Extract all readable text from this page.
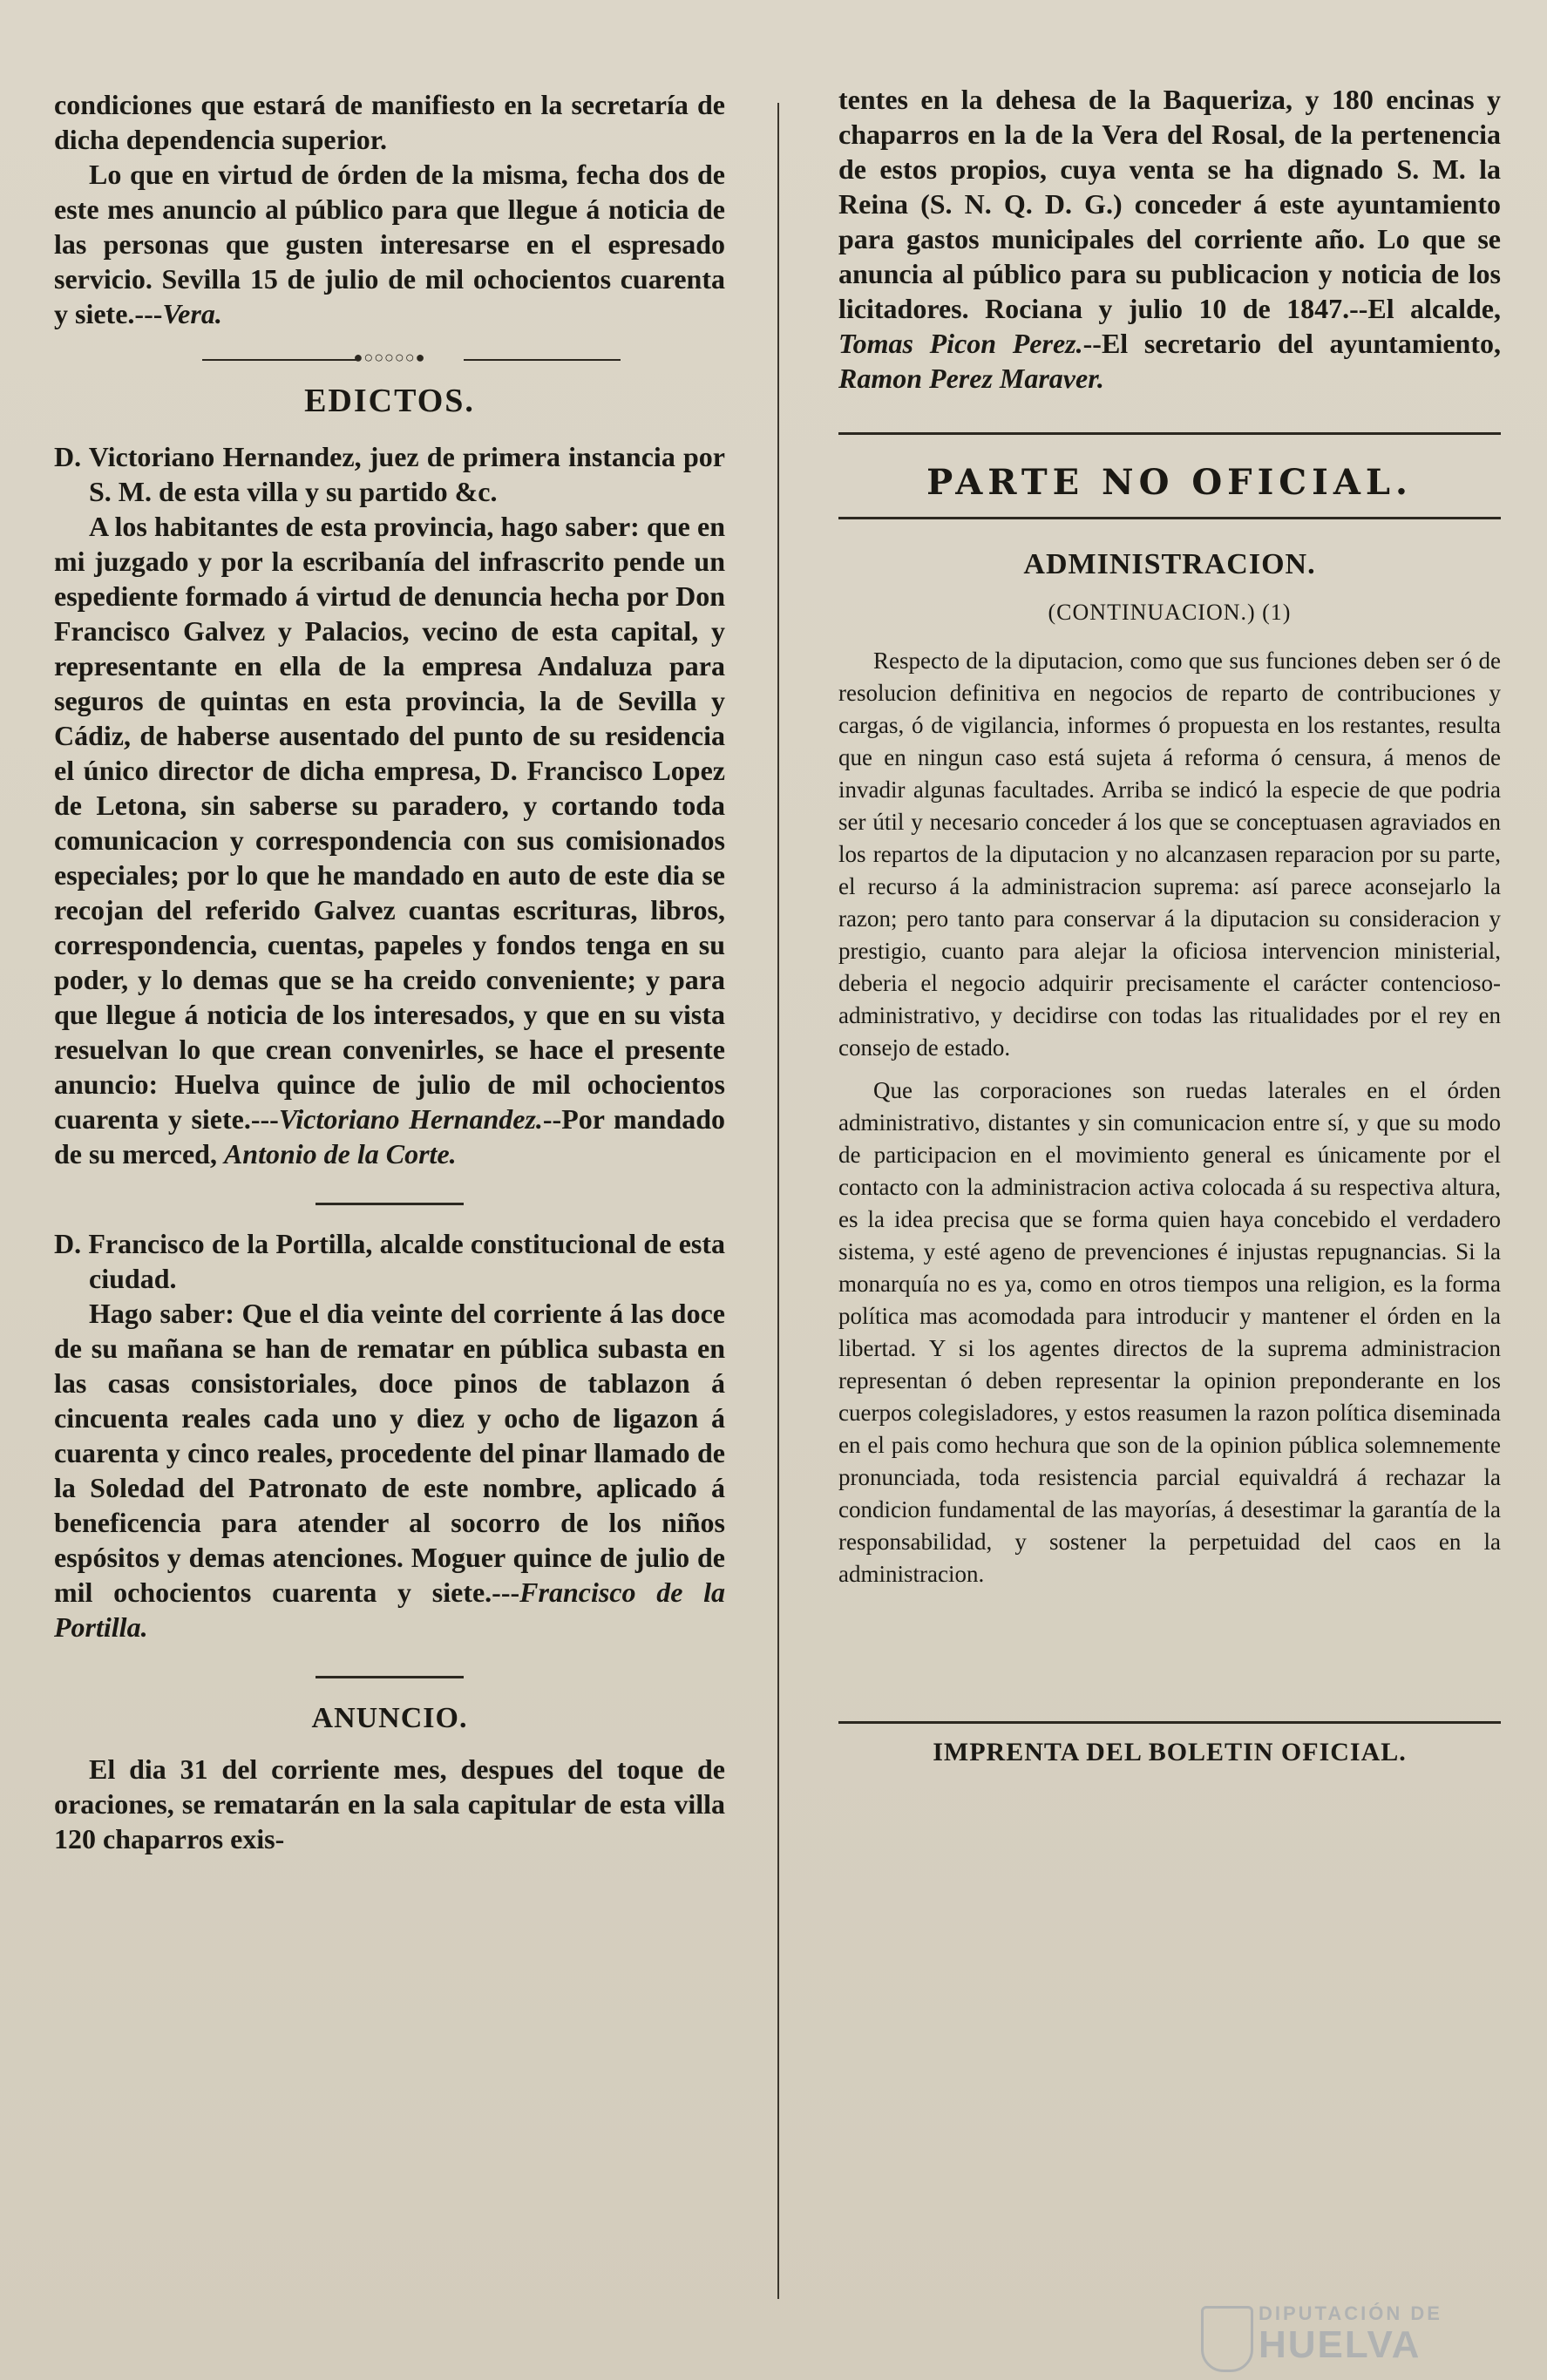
condiciones que estará de manifiesto en la secretaría de dicha dependencia superior.

Lo que en virtud de órden de la misma, fecha dos de este mes anuncio al público para que llegue á noticia de las personas que gusten interesarse en el espresado servicio. Sevilla 15 de julio de mil ochocientos cuarenta y siete.---Vera.

●○○○○○●
EDICTOS.

D. Victoriano Hernandez, juez de primera instancia por S. M. de esta villa y su partido &c.

A los habitantes de esta provincia, hago saber: que en mi juzgado y por la escribanía del infrascrito pende un espediente formado á virtud de denuncia hecha por Don Francisco Galvez y Palacios, vecino de esta capital, y representante en ella de la empresa Andaluza para seguros de quintas en esta provincia, la de Sevilla y Cádiz, de haberse ausentado del punto de su residencia el único director de dicha empresa, D. Francisco Lopez de Letona, sin saberse su paradero, y cortando toda comunicacion y correspondencia con sus comisionados especiales; por lo que he mandado en auto de este dia se recojan del referido Galvez cuantas escrituras, libros, correspondencia, cuentas, papeles y fondos tenga en su poder, y lo demas que se ha creido conveniente; y para que llegue á noticia de los interesados, y que en su vista resuelvan lo que crean convenirles, se hace el presente anuncio: Huelva quince de julio de mil ochocientos cuarenta y siete.---Victoriano Hernandez.--Por mandado de su merced, Antonio de la Corte.

D. Francisco de la Portilla, alcalde constitucional de esta ciudad.

Hago saber: Que el dia veinte del corriente á las doce de su mañana se han de rematar en pública subasta en las casas consistoriales, doce pinos de tablazon á cincuenta reales cada uno y diez y ocho de ligazon á cuarenta y cinco reales, procedente del pinar llamado de la Soledad del Patronato de este nombre, aplicado á beneficencia para atender al socorro de los niños espósitos y demas atenciones. Moguer quince de julio de mil ochocientos cuarenta y siete.---Francisco de la Portilla.

ANUNCIO.

El dia 31 del corriente mes, despues del toque de oraciones, se rematarán en la sala capitular de esta villa 120 chaparros exis-

tentes en la dehesa de la Baqueriza, y 180 encinas y chaparros en la de la Vera del Rosal, de la pertenencia de estos propios, cuya venta se ha dignado S. M. la Reina (S. N. Q. D. G.) conceder á este ayuntamiento para gastos municipales del corriente año. Lo que se anuncia al público para su publicacion y noticia de los licitadores. Rociana y julio 10 de 1847.--El alcalde, Tomas Picon Perez.--El secretario del ayuntamiento, Ramon Perez Maraver.

PARTE NO OFICIAL.
ADMINISTRACION.
(CONTINUACION.) (1)

Respecto de la diputacion, como que sus funciones deben ser ó de resolucion definitiva en negocios de reparto de contribuciones y cargas, ó de vigilancia, informes ó propuesta en los restantes, resulta que en ningun caso está sujeta á reforma ó censura, á menos de invadir algunas facultades. Arriba se indicó la especie de que podria ser útil y necesario conceder á los que se conceptuasen agraviados en los repartos de la diputacion y no alcanzasen reparacion por su parte, el recurso á la administracion suprema: así parece aconsejarlo la razon; pero tanto para conservar á la diputacion su consideracion y prestigio, cuanto para alejar la oficiosa intervencion ministerial, deberia el negocio adquirir precisamente el carácter contencioso-administrativo, y decidirse con todas las ritualidades por el rey en consejo de estado.

Que las corporaciones son ruedas laterales en el órden administrativo, distantes y sin comunicacion entre sí, y que su modo de participacion en el movimiento general es únicamente por el contacto con la administracion activa colocada á su respectiva altura, es la idea precisa que se forma quien haya concebido el verdadero sistema, y esté ageno de prevenciones é injustas repugnancias. Si la monarquía no es ya, como en otros tiempos una religion, es la forma política mas acomodada para introducir y mantener el órden en la libertad. Y si los agentes directos de la suprema administracion representan ó deben representar la opinion preponderante en los cuerpos colegisladores, y estos reasumen la razon política diseminada en el pais como hechura que son de la opinion pública solemnemente pronunciada, toda resistencia parcial equivaldrá á rechazar la condicion fundamental de las mayorías, á desestimar la garantía de la responsabilidad, y sostener la perpetuidad del caos en la administracion.

IMPRENTA DEL BOLETIN OFICIAL.
DIPUTACIÓN DE
HUELVA
